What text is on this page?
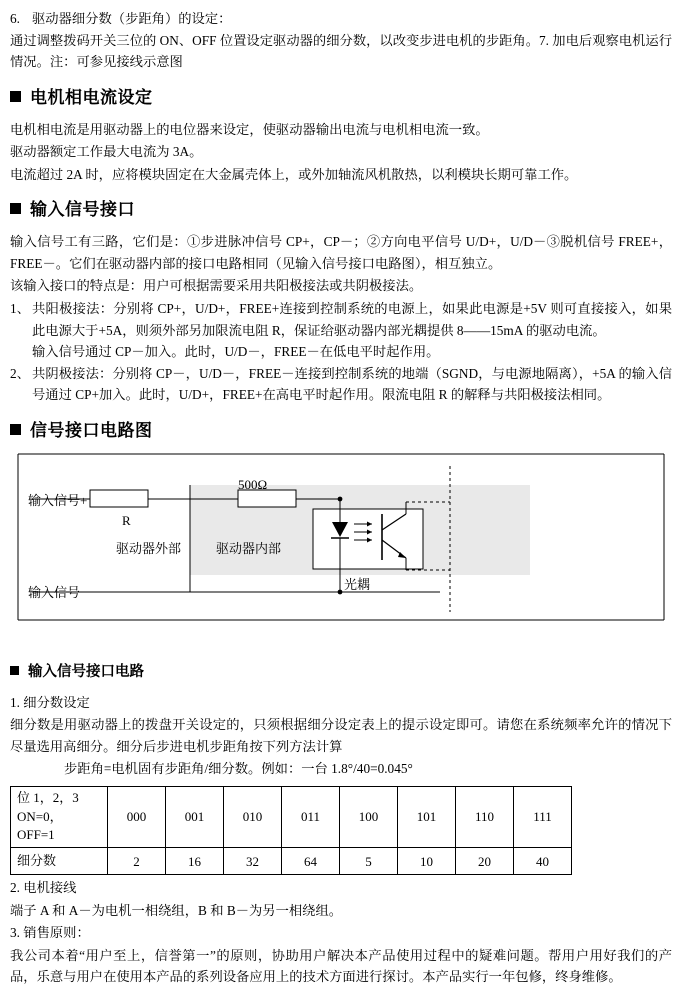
6. 驱动器细分数（步距角）的设定：

通过调整拨码开关三位的 ON、OFF 位置设定驱动器的细分数，以改变步进电机的步距角。7. 加电后观察电机运行情况。注：可参见接线示意图

电机相电流设定

电机相电流是用驱动器上的电位器来设定，使驱动器输出电流与电机相电流一致。

驱动器额定工作最大电流为 3A。

电流超过 2A 时，应将模块固定在大金属壳体上，或外加轴流风机散热，以利模块长期可靠工作。

输入信号接口

输入信号工有三路，它们是：①步进脉冲信号 CP+，CP－；②方向电平信号 U/D+，U/D－③脱机信号 FREE+，FREE－。它们在驱动器内部的接口电路相同（见输入信号接口电路图），相互独立。

该输入接口的特点是：用户可根据需要采用共阳极接法或共阴极接法。

1、 共阳极接法：分别将 CP+，U/D+，FREE+连接到控制系统的电源上，如果此电源是+5V 则可直接接入，如果此电源大于+5A，则须外部另加限流电阻 R，保证给驱动器内部光耦提供 8——15mA 的驱动电流。
输入信号通过 CP－加入。此时，U/D－，FREE－在低电平时起作用。
2、 共阴极接法：分别将 CP－，U/D－，FREE－连接到控制系统的地端（SGND，与电源地隔离），+5A 的输入信号通过 CP+加入。此时，U/D+，FREE+在高电平时起作用。限流电阻 R 的解释与共阳极接法相同。
信号接口电路图
输入信号+
R
500Ω
驱动器外部	驱动器内部
输入信号－
光耦
输入信号接口电路

1. 细分数设定

细分数是用驱动器上的拨盘开关设定的，只须根据细分设定表上的提示设定即可。请您在系统频率允许的情况下尽量选用高细分。细分后步进电机步距角按下列方法计算

步距角=电机固有步距角/细分数。例如：一台 1.8°/40=0.045°

位 1，2，3
ON=0，
OFF=1	000	001	010	011	100	101	110	111
细分数	2	16	32	64	5	10	20	40

2. 电机接线

端子 A 和 A－为电机一相绕组，B 和 B－为另一相绕组。

3. 销售原则：

我公司本着“用户至上，信誉第一”的原则，协助用户解决本产品使用过程中的疑难问题。帮用户用好我们的产品，乐意与用户在使用本产品的系列设备应用上的技术方面进行探讨。本产品实行一年包修，终身维修。
